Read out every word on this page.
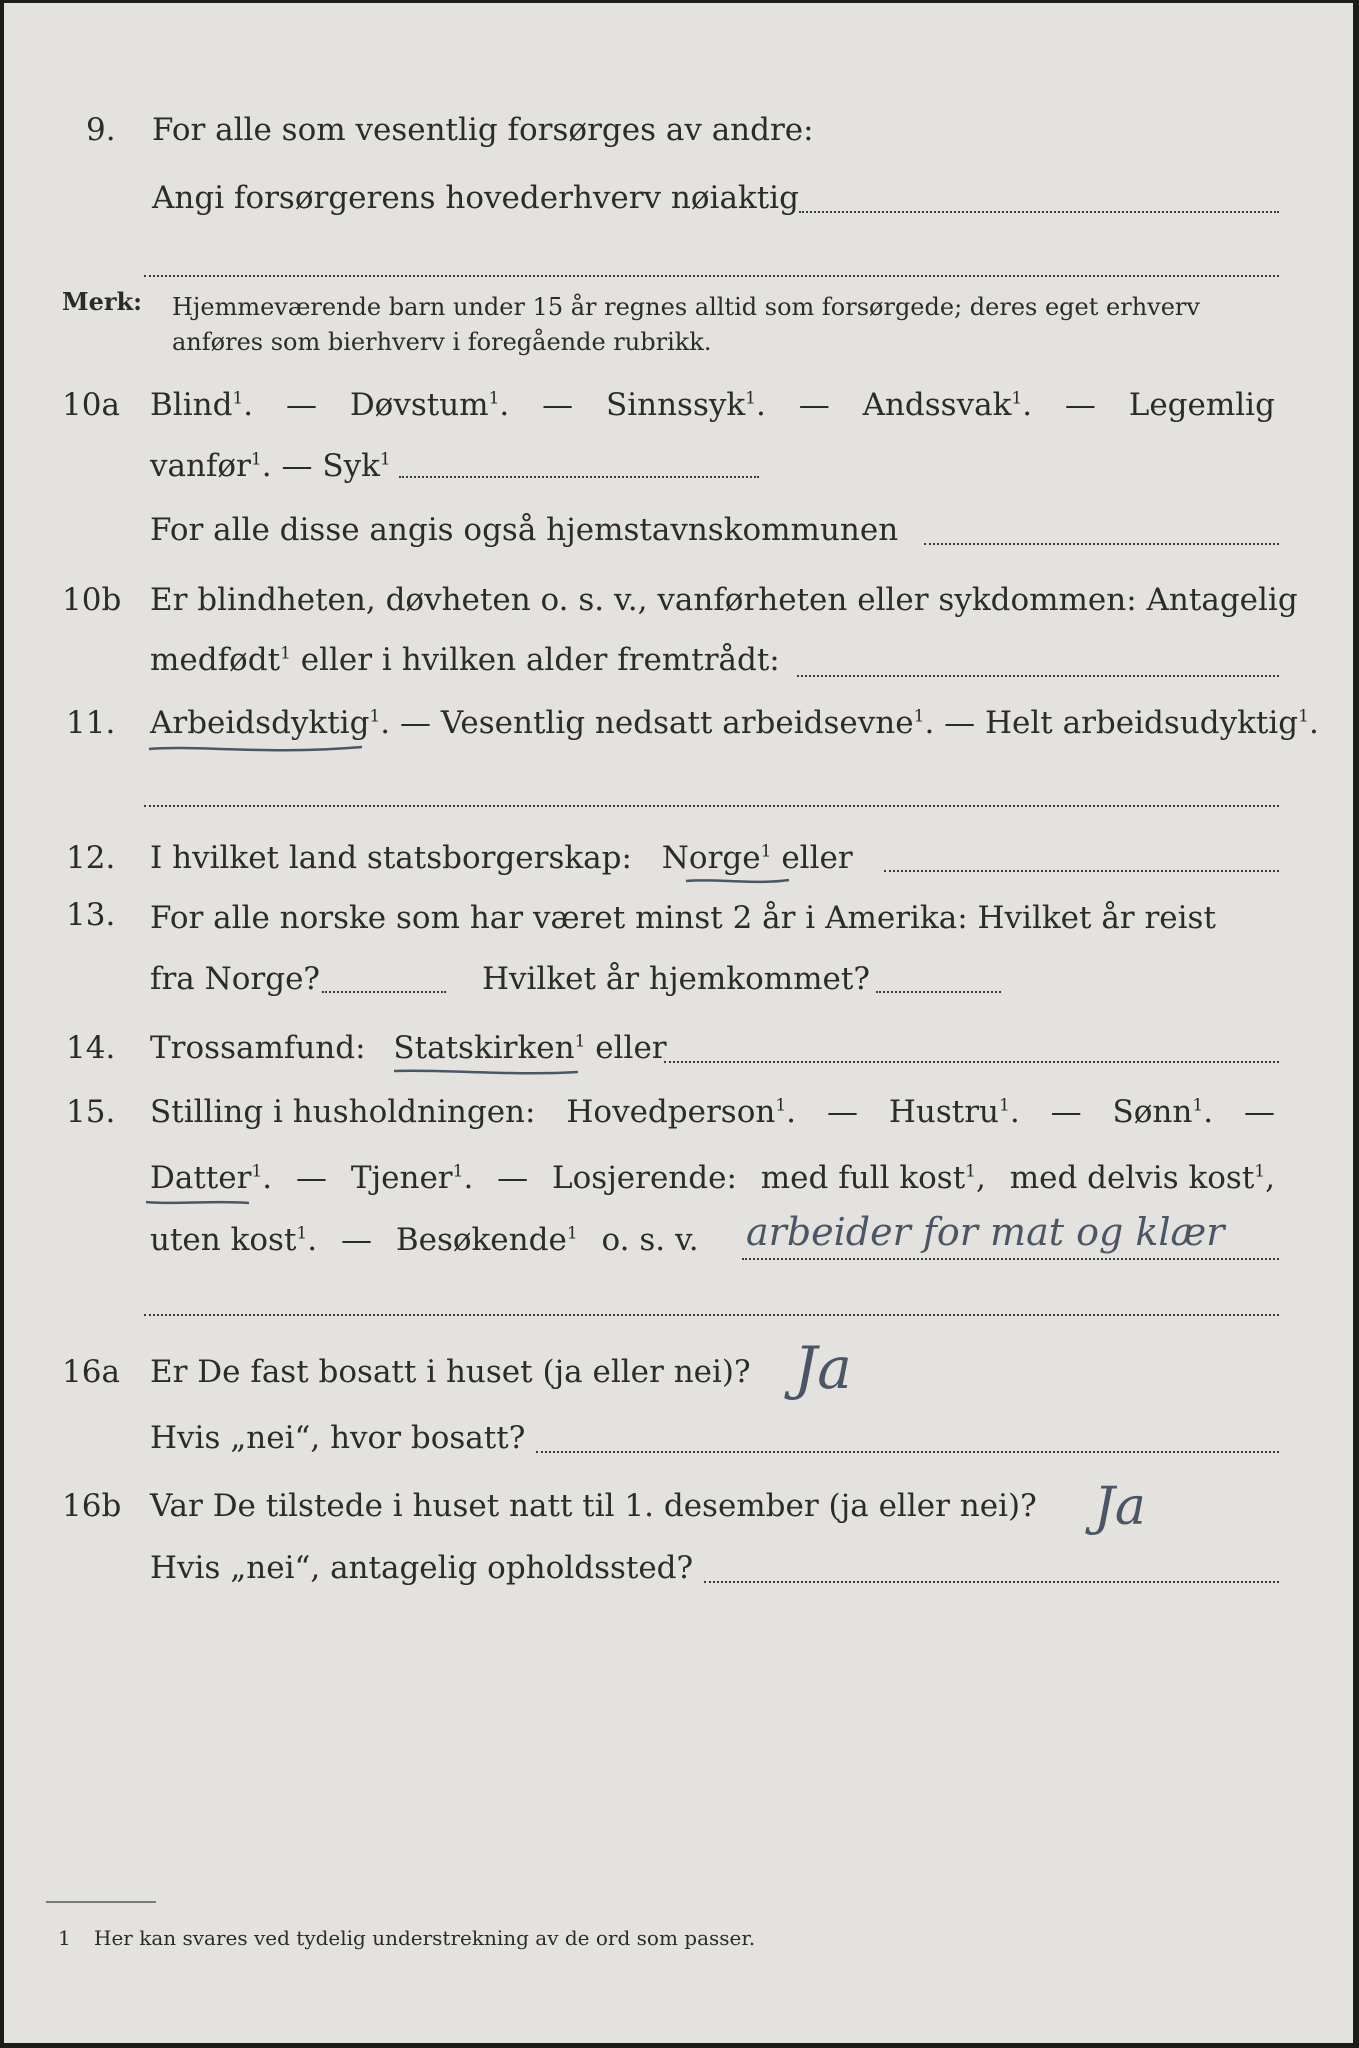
9. For alle som vesentlig forsørges av andre:
Angi forsørgerens hovederhverv nøiaktig
Merk: Hjemmeværende barn under 15 år regnes alltid som forsørgede; deres eget erhverv
anføres som bierhverv i foregående rubrikk.
10a Blind$^1$. — Døvstum$^1$. — Sinnssyk$^1$. — Andssvak$^1$. — Legemlig
vanfør$^1$. — Syk$^1$
For alle disse angis også hjemstavnskommunen
10b Er blindheten, døvheten o. s. v., vanførheten eller sykdommen: Antagelig
medfødt$^1$ eller i hvilken alder fremtrådt:
11. Arbeidsdyktig$^1$. — Vesentlig nedsatt arbeidsevne$^1$. — Helt arbeidsudyktig$^1$.
12. I hvilket land statsborgerskap: Norge$^1$ eller
13. For alle norske som har været minst 2 år i Amerika: Hvilket år reist
fra Norge?	Hvilket år hjemkommet?
14. Trossamfund: Statskirken$^1$ eller
15. Stilling i husholdningen: Hovedperson$^1$. — Hustru$^1$. — Sønn$^1$. —
Datter$^1$. — Tjener$^1$. — Losjerende: med full kost$^1$, med delvis kost$^1$,
uten kost$^1$. — Besøkende$^1$ o. s. v. arbeider for mat og klær
16a Er De fast bosatt i huset (ja eller nei)? Ja
Hvis „nei“, hvor bosatt?
16b Var De tilstede i huset natt til 1. desember (ja eller nei)? Ja
Hvis „nei“, antagelig opholdssted?
1 Her kan svares ved tydelig understrekning av de ord som passer.
